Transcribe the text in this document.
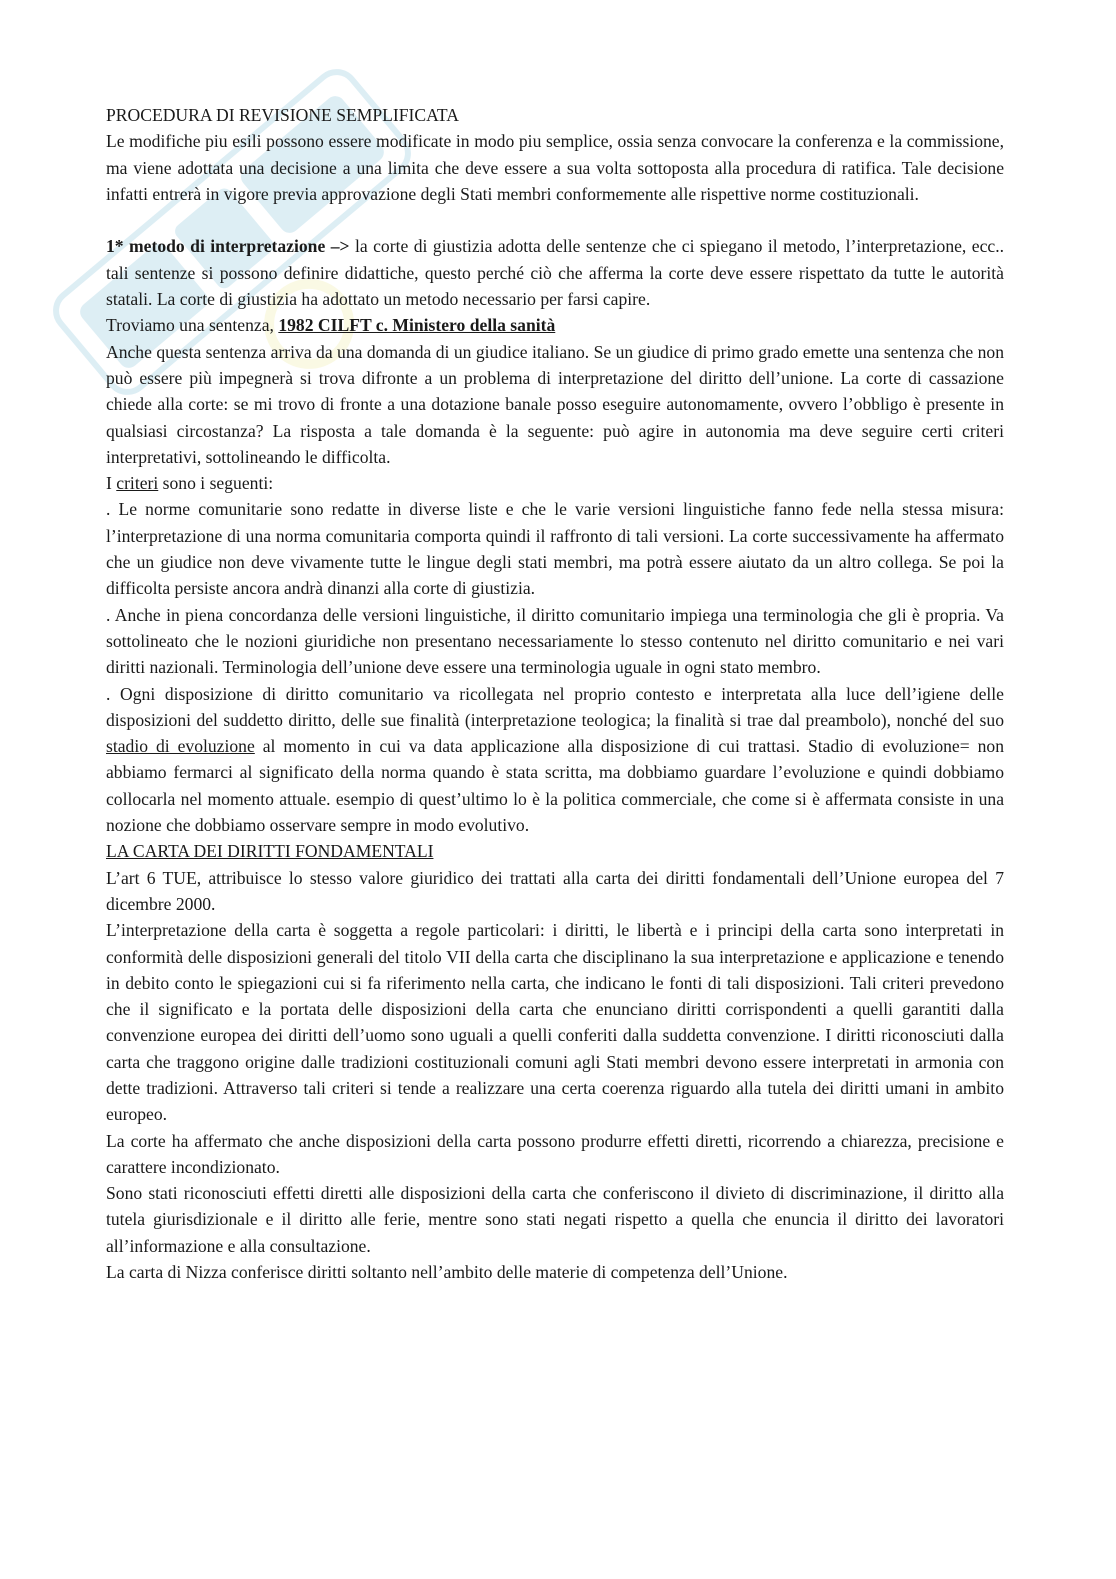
PROCEDURA DI REVISIONE SEMPLIFICATA

Le modifiche piu esili possono essere modificate in modo piu semplice, ossia senza convocare la conferenza e la commissione, ma viene adottata una decisione a una limita che deve essere a sua volta sottoposta alla procedura di ratifica. Tale decisione infatti entrerà in vigore previa approvazione degli Stati membri conformemente alle rispettive norme costituzionali.

1* metodo di interpretazione –> la corte di giustizia adotta delle sentenze che ci spiegano il metodo, l’interpretazione, ecc.. tali sentenze si possono definire didattiche, questo perché ciò che afferma la corte deve essere rispettato da tutte le autorità statali. La corte di giustizia ha adottato un metodo necessario per farsi capire.

Troviamo una sentenza, 1982 CILFT c. Ministero della sanità

Anche questa sentenza arriva da una domanda di un giudice italiano. Se un giudice di primo grado emette una sentenza che non può essere più impegnerà si trova difronte a un problema di interpretazione del diritto dell’unione. La corte di cassazione chiede alla corte: se mi trovo di fronte a una dotazione banale posso eseguire autonomamente, ovvero l’obbligo è presente in qualsiasi circostanza? La risposta a tale domanda è la seguente: può agire in autonomia ma deve seguire certi criteri interpretativi, sottolineando le difficolta.

I criteri sono i seguenti:

. Le norme comunitarie sono redatte in diverse liste e che le varie versioni linguistiche fanno fede nella stessa misura: l’interpretazione di una norma comunitaria comporta quindi il raffronto di tali versioni. La corte successivamente ha affermato che un giudice non deve vivamente tutte le lingue degli stati membri, ma potrà essere aiutato da un altro collega. Se poi la difficolta persiste ancora andrà dinanzi alla corte di giustizia.

. Anche in piena concordanza delle versioni linguistiche, il diritto comunitario impiega una terminologia che gli è propria. Va sottolineato che le nozioni giuridiche non presentano necessariamente lo stesso contenuto nel diritto comunitario e nei vari diritti nazionali. Terminologia dell’unione deve essere una terminologia uguale in ogni stato membro.

. Ogni disposizione di diritto comunitario va ricollegata nel proprio contesto e interpretata alla luce dell’igiene delle disposizioni del suddetto diritto, delle sue finalità (interpretazione teologica; la finalità si trae dal preambolo), nonché del suo stadio di evoluzione al momento in cui va data applicazione alla disposizione di cui trattasi. Stadio di evoluzione= non abbiamo fermarci al significato della norma quando è stata scritta, ma dobbiamo guardare l’evoluzione e quindi dobbiamo collocarla nel momento attuale. esempio di quest’ultimo lo è la politica commerciale, che come si è affermata consiste in una nozione che dobbiamo osservare sempre in modo evolutivo.

LA CARTA DEI DIRITTI FONDAMENTALI

L’art 6 TUE, attribuisce lo stesso valore giuridico dei trattati alla carta dei diritti fondamentali dell’Unione europea del 7 dicembre 2000.

L’interpretazione della carta è soggetta a regole particolari: i diritti, le libertà e i principi della carta sono interpretati in conformità delle disposizioni generali del titolo VII della carta che disciplinano la sua interpretazione e applicazione e tenendo in debito conto le spiegazioni cui si fa riferimento nella carta, che indicano le fonti di tali disposizioni. Tali criteri prevedono che il significato e la portata delle disposizioni della carta che enunciano diritti corrispondenti a quelli garantiti dalla convenzione europea dei diritti dell’uomo sono uguali a quelli conferiti dalla suddetta convenzione. I diritti riconosciuti dalla carta che traggono origine dalle tradizioni costituzionali comuni agli Stati membri devono essere interpretati in armonia con dette tradizioni. Attraverso tali criteri si tende a realizzare una certa coerenza riguardo alla tutela dei diritti umani in ambito europeo.

La corte ha affermato che anche disposizioni della carta possono produrre effetti diretti, ricorrendo a chiarezza, precisione e carattere incondizionato.

Sono stati riconosciuti effetti diretti alle disposizioni della carta che conferiscono il divieto di discriminazione, il diritto alla tutela giurisdizionale e il diritto alle ferie, mentre sono stati negati rispetto a quella che enuncia il diritto dei lavoratori all’informazione e alla consultazione.

La carta di Nizza conferisce diritti soltanto nell’ambito delle materie di competenza dell’Unione.
